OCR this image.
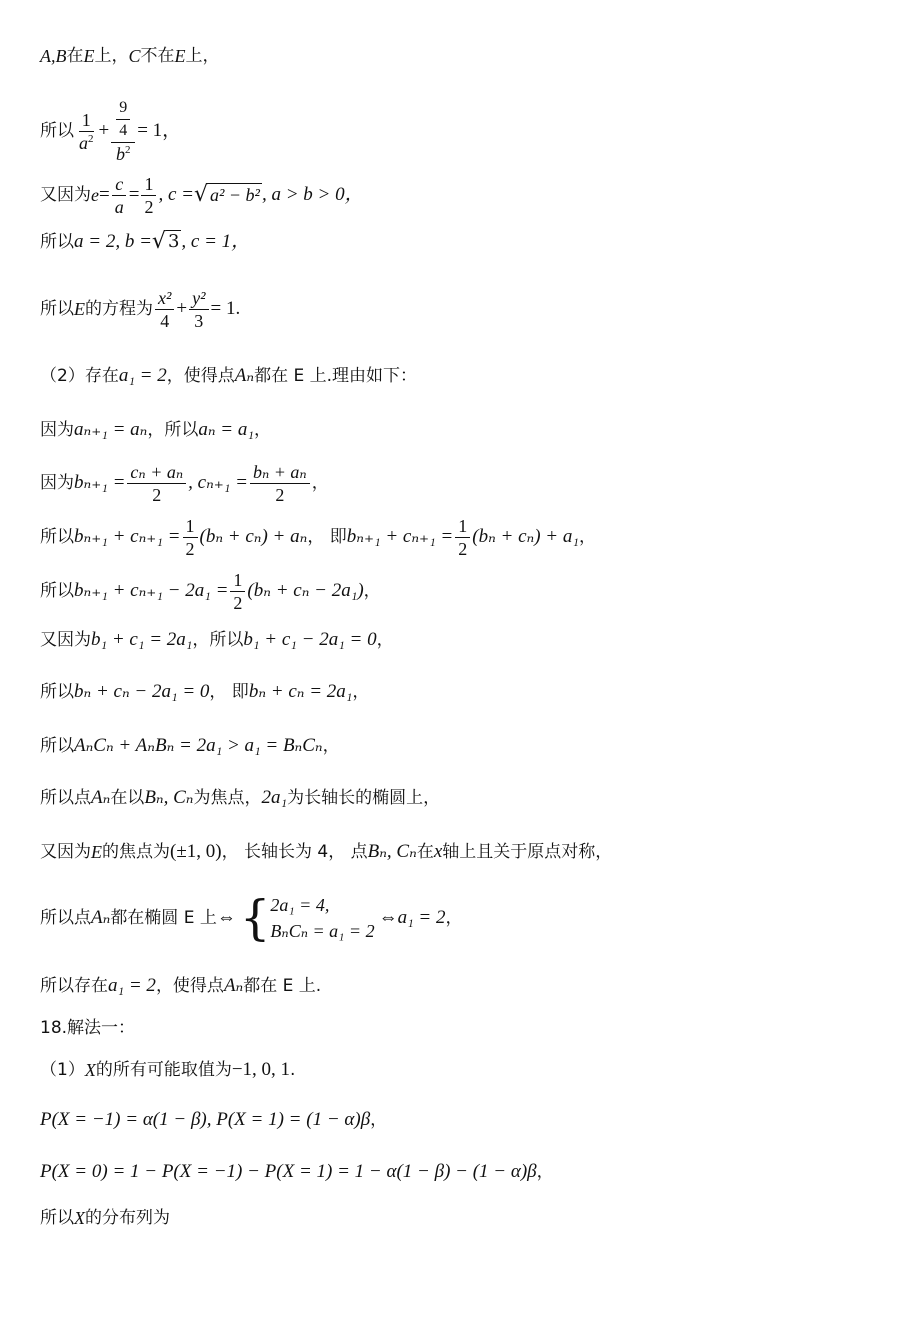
A,B 在 E 上， C 不在 E 上，
所以 $\frac{1}{a^2} + \frac{\frac{9}{4}}{b^2} = 1$，
又因为 $e = \frac{c}{a} = \frac{1}{2}$ , c = √ a² − b² , a > b > 0，
所以 a = 2, b = √ 3 , c = 1，
所以 E 的方程为 $\frac{\text{x²}}{4} + \frac{\text{y²}}{3} = 1$.
（2）存在 a₁ = 2 ，使得点 Aₙ 都在 E 上.理由如下：
因为 aₙ₊₁ = aₙ ，所以 aₙ = a₁ ，
因为 $b_{n+1} = \frac{\text{cₙ + aₙ}}{2}$ , $c_{n+1} = \frac{\text{bₙ + aₙ}}{2}$ ，
所以 $b_{n+1} + c_{n+1} = \frac{1}{2} (b_n + c_n) + a_n$ ， 即 $b_{n+1} + c_{n+1} = \frac{1}{2} (b_n + c_n) + a_1$ ，
所以 $b_{n+1} + c_{n+1} - 2a_1 = \frac{1}{2} (b_n + c_n - 2a_1)$ ，
又因为 b₁ + c₁ = 2a₁ ，所以 b₁ + c₁ − 2a₁ = 0 ，
所以 bₙ + cₙ − 2a₁ = 0 ， 即 bₙ + cₙ = 2a₁ ，
所以 AₙCₙ + AₙBₙ = 2a₁ > a₁ = BₙCₙ ，
所以点 Aₙ 在以 Bₙ, Cₙ 为焦点， 2a₁ 为长轴长的椭圆上，
又因为 E 的焦点为 (±1, 0) ， 长轴长为 4， 点 Bₙ, Cₙ 在 x 轴上且关于原点对称，
所以点 Aₙ 都在椭圆 E 上 ⇔ { 2a₁ = 4,
BₙCₙ = a₁ = 2
⇔ a₁ = 2 ，
所以存在 a₁ = 2 ，使得点 Aₙ 都在 E 上.
18.解法一：
（1） X 的所有可能取值为 −1, 0, 1 .
P(X = −1) = α(1 − β), P(X = 1) = (1 − α)β ，
P(X = 0) = 1 − P(X = −1) − P(X = 1) = 1 − α(1 − β) − (1 − α)β ，
所以 X 的分布列为
